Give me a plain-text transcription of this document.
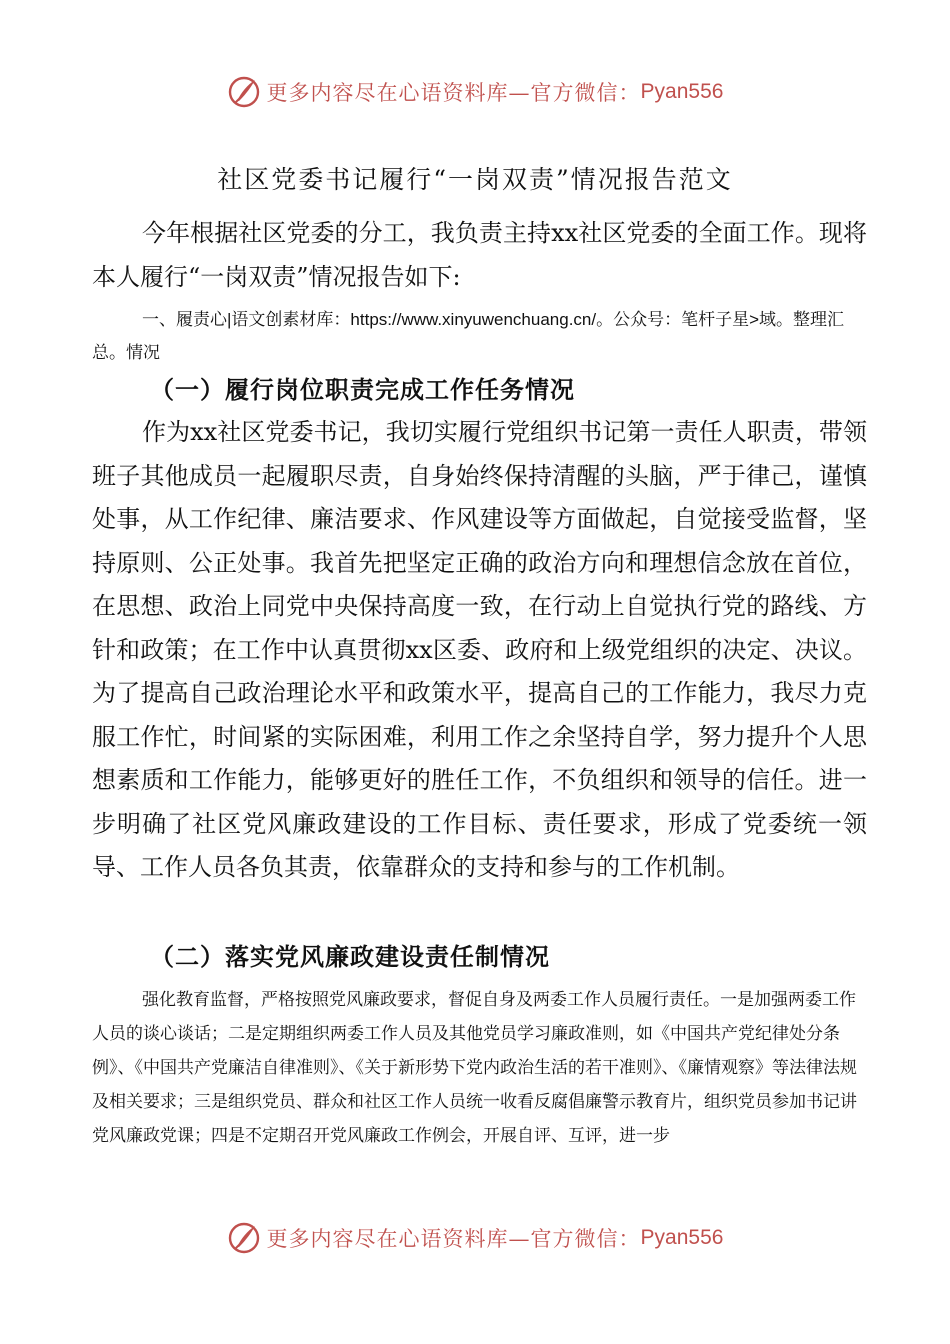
更多内容尽在心语资料库—官方微信： Pyan556
社区党委书记履行“一岗双责”情况报告范文
今年根据社区党委的分工，我负责主持xx社区党委的全面工作。现将本人履行“一岗双责”情况报告如下:
一、履责心|语文创素材库：https://www.xinyuwenchuang.cn/。公众号：笔杆子星>域。整理汇总。情况
（一）履行岗位职责完成工作任务情况
作为xx社区党委书记，我切实履行党组织书记第一责任人职责，带领班子其他成员一起履职尽责，自身始终保持清醒的头脑，严于律己，谨慎处事，从工作纪律、廉洁要求、作风建设等方面做起，自觉接受监督，坚持原则、公正处事。我首先把坚定正确的政治方向和理想信念放在首位，在思想、政治上同党中央保持高度一致，在行动上自觉执行党的路线、方针和政策；在工作中认真贯彻xx区委、政府和上级党组织的决定、决议。为了提高自己政治理论水平和政策水平，提高自己的工作能力，我尽力克服工作忙，时间紧的实际困难，利用工作之余坚持自学，努力提升个人思想素质和工作能力，能够更好的胜任工作，不负组织和领导的信任。进一步明确了社区党风廉政建设的工作目标、责任要求，形成了党委统一领导、工作人员各负其责，依靠群众的支持和参与的工作机制。
（二）落实党风廉政建设责任制情况
强化教育监督，严格按照党风廉政要求，督促自身及两委工作人员履行责任。一是加强两委工作人员的谈心谈话；二是定期组织两委工作人员及其他党员学习廉政准则，如《中国共产党纪律处分条例》、《中国共产党廉洁自律准则》、《关于新形势下党内政治生活的若干准则》、《廉情观察》等法律法规及相关要求；三是组织党员、群众和社区工作人员统一收看反腐倡廉警示教育片，组织党员参加书记讲党风廉政党课；四是不定期召开党风廉政工作例会，开展自评、互评，进一步
更多内容尽在心语资料库—官方微信： Pyan556
